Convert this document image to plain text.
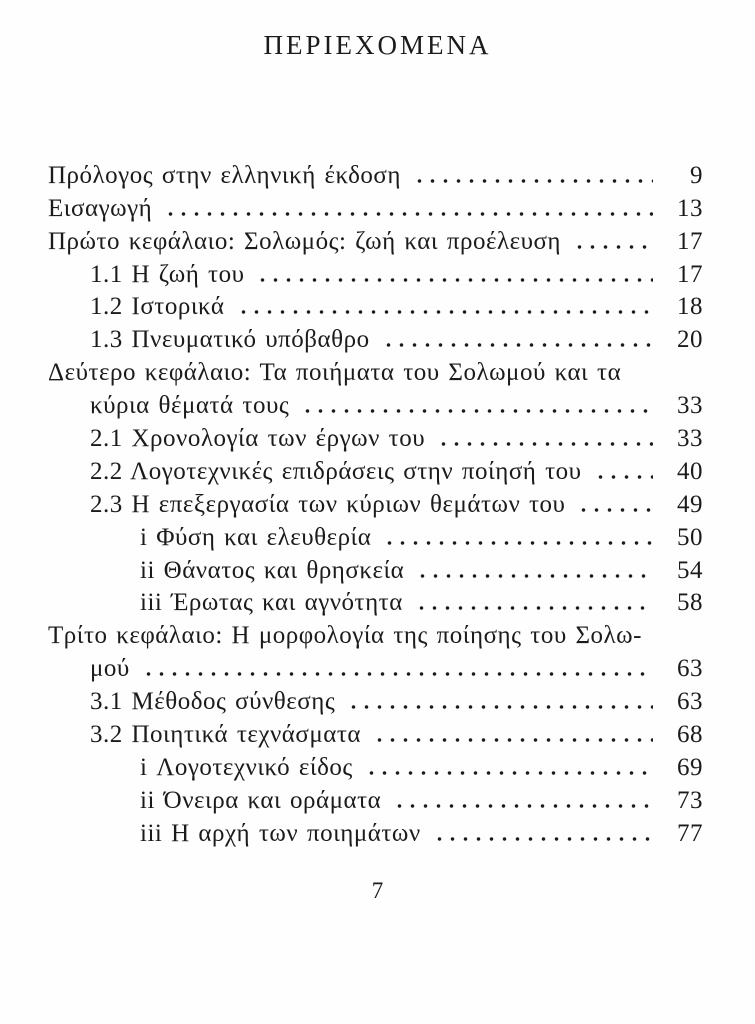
ΠΕΡΙΕΧΟΜΕΝΑ
Πρόλογος στην ελληνική έκδοση	9
Εισαγωγή	13
Πρώτο κεφάλαιο: Σολωμός: ζωή και προέλευση	17
1.1 Η ζωή του	17
1.2 Ιστορικά	18
1.3 Πνευματικό υπόβαθρο	20
Δεύτερο κεφάλαιο: Τα ποιήματα του Σολωμού και τα
κύρια θέματά τους	33
2.1 Χρονολογία των έργων του	33
2.2 Λογοτεχνικές επιδράσεις στην ποίησή του	40
2.3 Η επεξεργασία των κύριων θεμάτων του	49
i Φύση και ελευθερία	50
ii Θάνατος και θρησκεία	54
iii Έρωτας και αγνότητα	58
Τρίτο κεφάλαιο: Η μορφολογία της ποίησης του Σολω-
μού	63
3.1 Μέθοδος σύνθεσης	63
3.2 Ποιητικά τεχνάσματα	68
i Λογοτεχνικό είδος	69
ii Όνειρα και οράματα	73
iii Η αρχή των ποιημάτων	77
7
